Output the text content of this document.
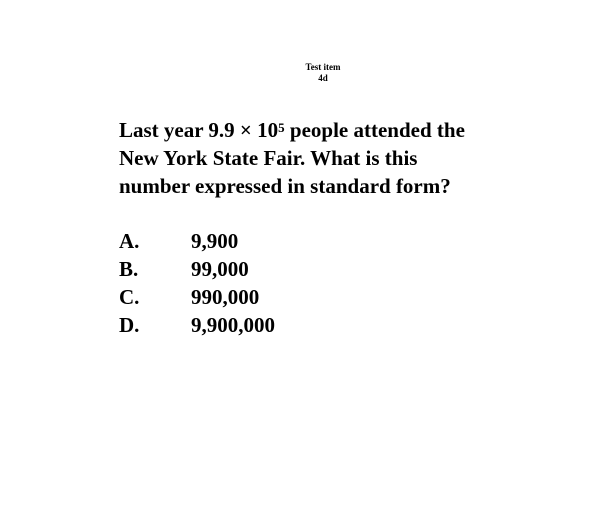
Test item
4d
Last year $9.9 \times 10^5$ people attended the
New York State Fair. What is this
number expressed in standard form?
A.	9,900
B.	99,000
C.	990,000
D.	9,900,000
